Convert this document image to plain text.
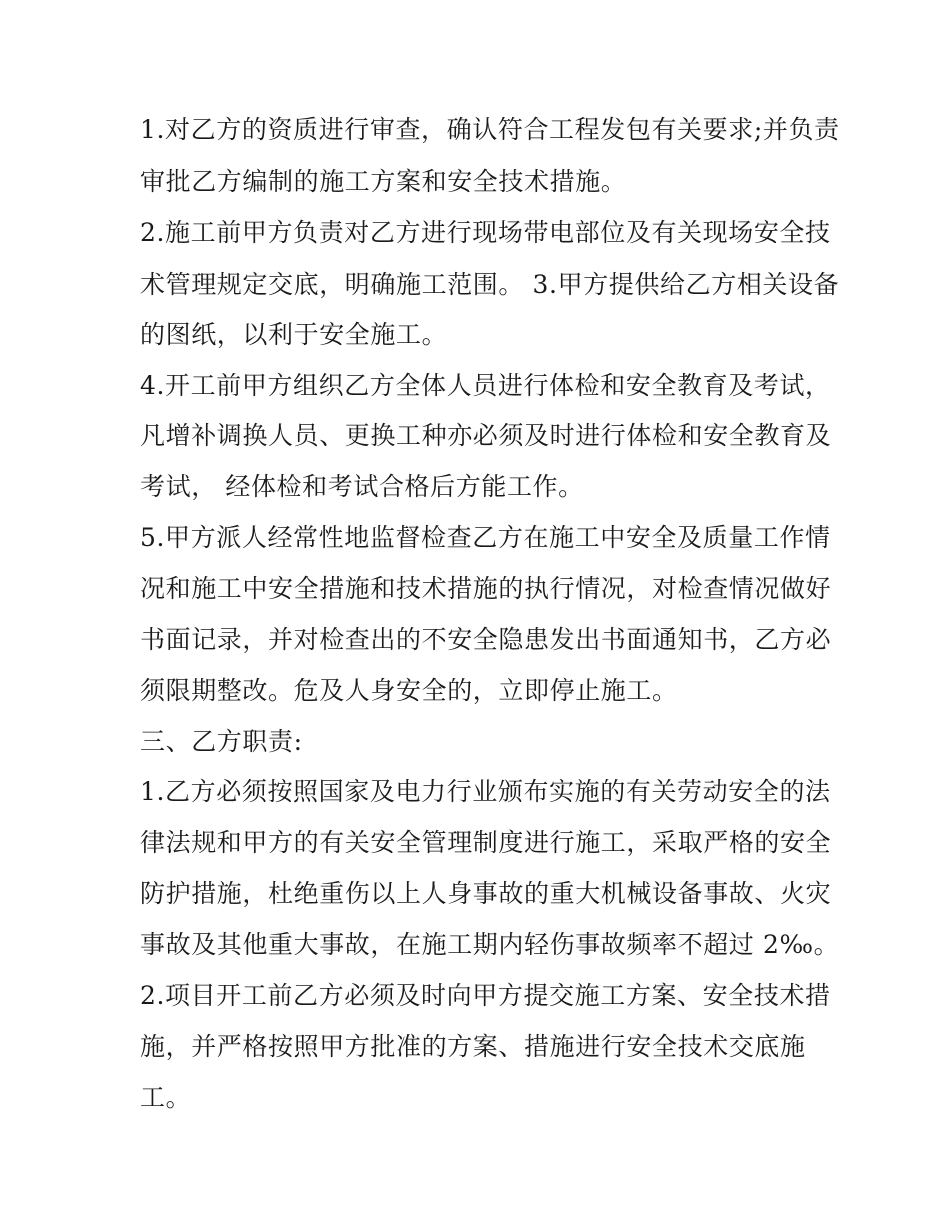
1.对乙方的资质进行审查，确认符合工程发包有关要求;并负责

审批乙方编制的施工方案和安全技术措施。

2.施工前甲方负责对乙方进行现场带电部位及有关现场安全技

术管理规定交底，明确施工范围。 3.甲方提供给乙方相关设备

的图纸，以利于安全施工。

4.开工前甲方组织乙方全体人员进行体检和安全教育及考试，

凡增补调换人员、更换工种亦必须及时进行体检和安全教育及

考试， 经体检和考试合格后方能工作。

5.甲方派人经常性地监督检查乙方在施工中安全及质量工作情

况和施工中安全措施和技术措施的执行情况，对检查情况做好

书面记录，并对检查出的不安全隐患发出书面通知书，乙方必

须限期整改。危及人身安全的，立即停止施工。

三、乙方职责:

1.乙方必须按照国家及电力行业颁布实施的有关劳动安全的法

律法规和甲方的有关安全管理制度进行施工，采取严格的安全

防护措施，杜绝重伤以上人身事故的重大机械设备事故、火灾

事故及其他重大事故，在施工期内轻伤事故频率不超过 2‰。

2.项目开工前乙方必须及时向甲方提交施工方案、安全技术措

施，并严格按照甲方批准的方案、措施进行安全技术交底施

工。
